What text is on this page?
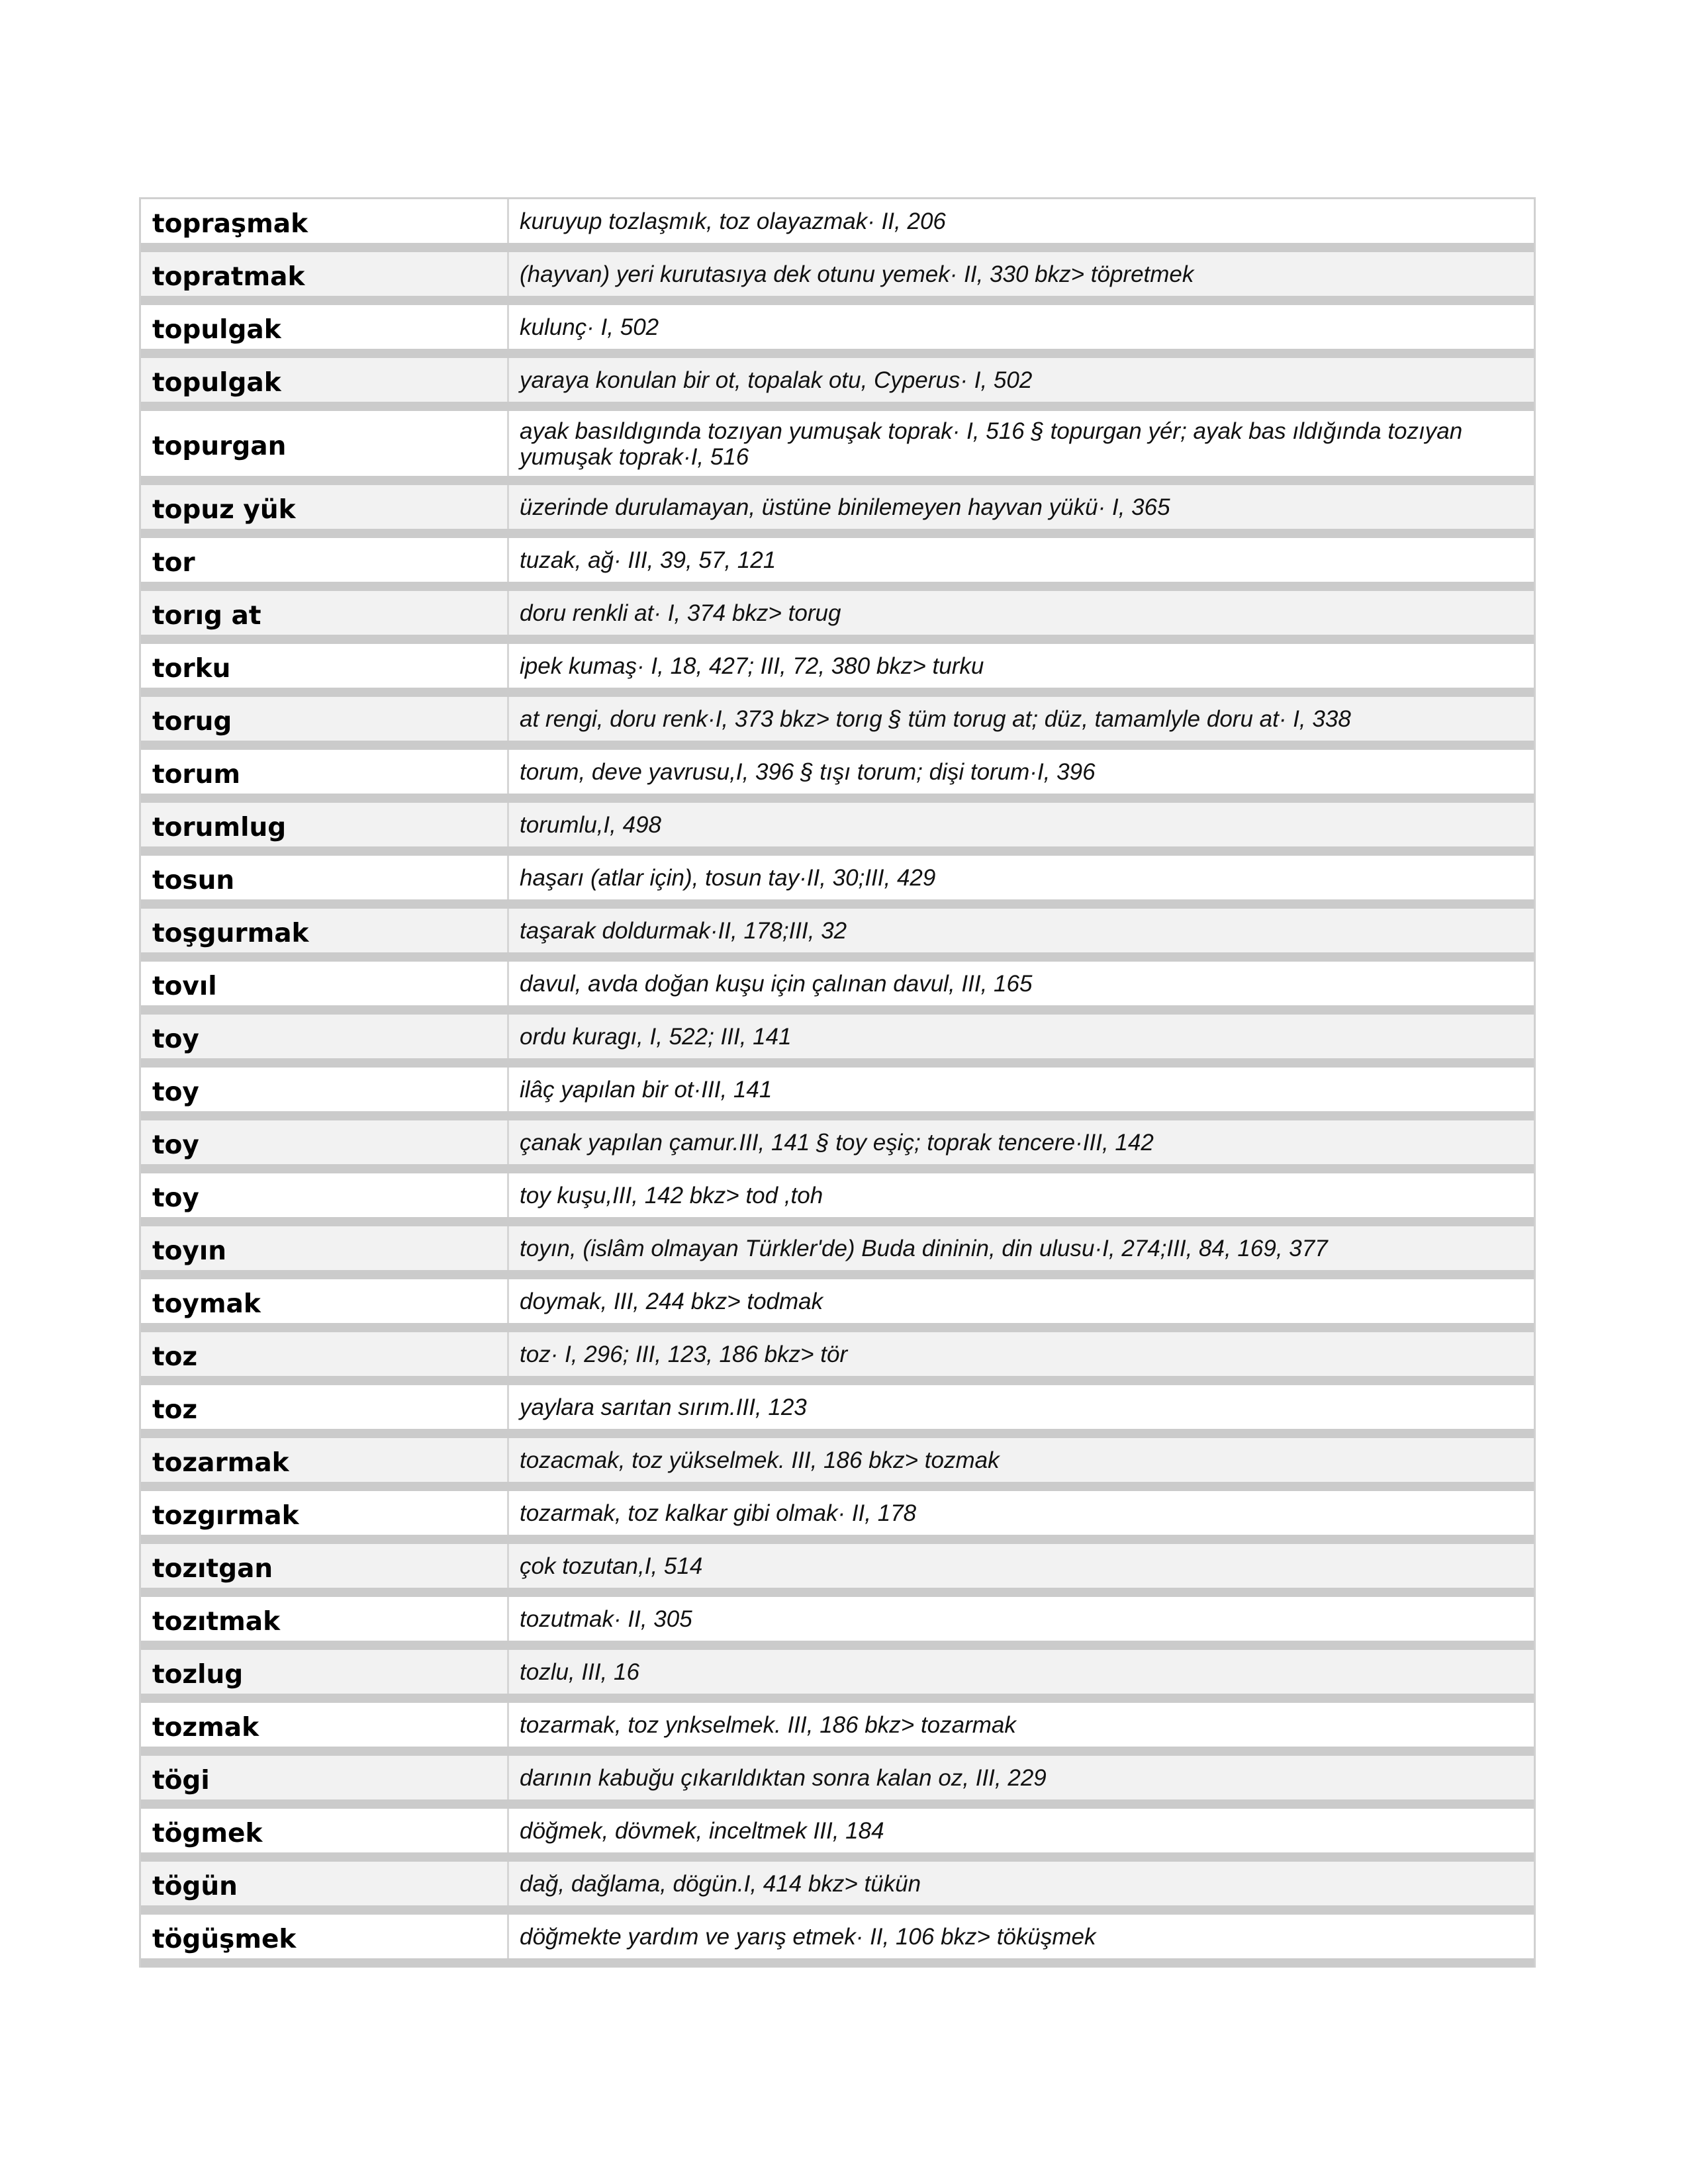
topraşmak	kuruyup tozlaşmık, toz olayazmak· II, 206
topratmak	(hayvan) yeri kurutasıya dek otunu yemek· II, 330 bkz> töpretmek
topulgak	kulunç· I, 502
topulgak	yaraya konulan bir ot, topalak otu, Cyperus· I, 502
topurgan	ayak basıldıgında tozıyan yumuşak toprak· I, 516 § topurgan yér; ayak bas ıldığında tozıyan yumuşak toprak·I, 516
topuz yük	üzerinde durulamayan, üstüne binilemeyen hayvan yükü· I, 365
tor	tuzak, ağ· III, 39, 57, 121
torıg at	doru renkli at· I, 374 bkz> torug
torku	ipek kumaş· I, 18, 427; III, 72, 380 bkz> turku
torug	at rengi, doru renk·I, 373 bkz> torıg § tüm torug at; düz, tamamlyle doru at· I, 338
torum	torum, deve yavrusu,I, 396 § tışı torum; dişi torum·I, 396
torumlug	torumlu,I, 498
tosun	haşarı (atlar için), tosun tay·II, 30;III, 429
toşgurmak	taşarak doldurmak·II, 178;III, 32
tovıl	davul, avda doğan kuşu için çalınan davul, III, 165
toy	ordu kuragı, I, 522; III, 141
toy	ilâç yapılan bir ot·III, 141
toy	çanak yapılan çamur.III, 141 § toy eşiç; toprak tencere·III, 142
toy	toy kuşu,III, 142 bkz> tod ,toh
toyın	toyın, (islâm olmayan Türkler'de) Buda dininin, din ulusu·I, 274;III, 84, 169, 377
toymak	doymak, III, 244 bkz> todmak
toz	toz· I, 296; III, 123, 186 bkz> tör
toz	yaylara sarıtan sırım.III, 123
tozarmak	tozacmak, toz yükselmek. III, 186 bkz> tozmak
tozgırmak	tozarmak, toz kalkar gibi olmak· II, 178
tozıtgan	çok tozutan,I, 514
tozıtmak	tozutmak· II, 305
tozlug	tozlu, III, 16
tozmak	tozarmak, toz ynkselmek. III, 186 bkz> tozarmak
tögi	darının kabuğu çıkarıldıktan sonra kalan oz, III, 229
tögmek	döğmek, dövmek, inceltmek III, 184
tögün	dağ, dağlama, dögün.I, 414 bkz> tükün
tögüşmek	döğmekte yardım ve yarış etmek· II, 106 bkz> töküşmek
